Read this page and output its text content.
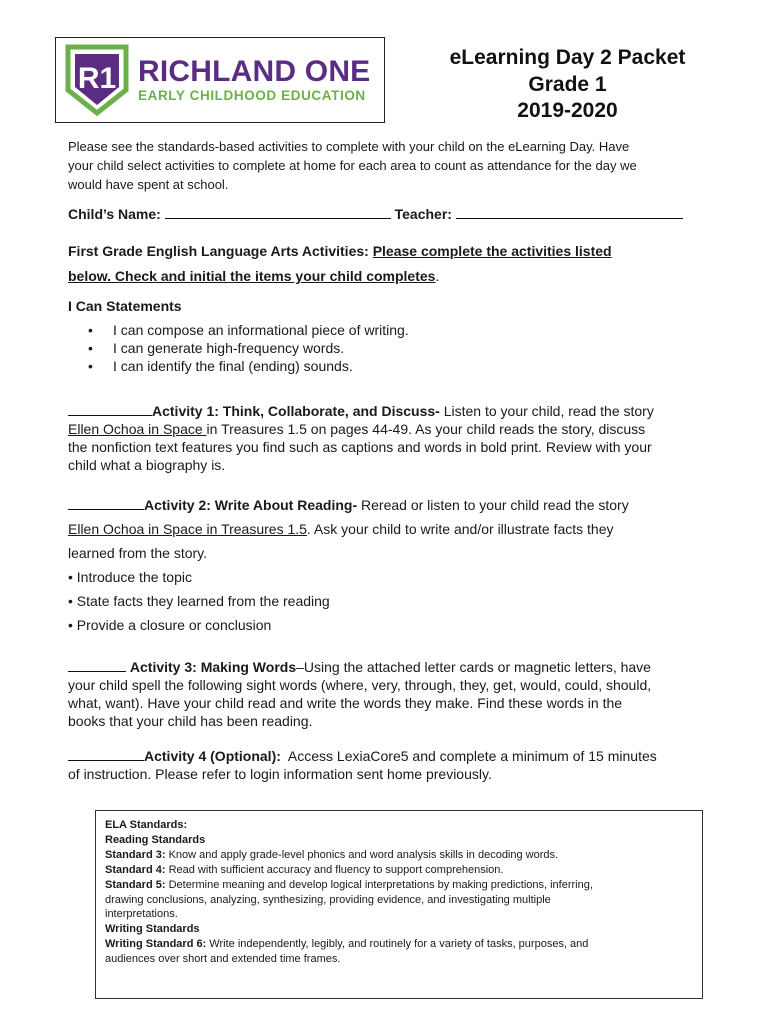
R1 RICHLAND ONE
EARLY CHILDHOOD EDUCATION
eLearning Day 2 Packet
Grade 1
2019-2020
Please see the standards-based activities to complete with your child on the eLearning Day. Have
your child select activities to complete at home for each area to count as attendance for the day we
would have spent at school.
Child’s Name:	Teacher:
First Grade English Language Arts Activities: Please complete the activities listed
below. Check and initial the items your child completes.
I Can Statements
• I can compose an informational piece of writing.
• I can generate high-frequency words.
• I can identify the final (ending) sounds.
Activity 1: Think, Collaborate, and Discuss- Listen to your child, read the story
Ellen Ochoa in Space in Treasures 1.5 on pages 44-49. As your child reads the story, discuss
the nonfiction text features you find such as captions and words in bold print. Review with your
child what a biography is.
Activity 2: Write About Reading- Reread or listen to your child read the story
Ellen Ochoa in Space in Treasures 1.5. Ask your child to write and/or illustrate facts they
learned from the story.
• Introduce the topic
• State facts they learned from the reading
• Provide a closure or conclusion
Activity 3: Making Words–Using the attached letter cards or magnetic letters, have
your child spell the following sight words (where, very, through, they, get, would, could, should,
what, want). Have your child read and write the words they make. Find these words in the
books that your child has been reading.
Activity 4 (Optional):  Access LexiaCore5 and complete a minimum of 15 minutes
of instruction. Please refer to login information sent home previously.
ELA Standards:
Reading Standards
Standard 3: Know and apply grade-level phonics and word analysis skills in decoding words.
Standard 4: Read with sufficient accuracy and fluency to support comprehension.
Standard 5: Determine meaning and develop logical interpretations by making predictions, inferring,
drawing conclusions, analyzing, synthesizing, providing evidence, and investigating multiple
interpretations.
Writing Standards
Writing Standard 6: Write independently, legibly, and routinely for a variety of tasks, purposes, and
audiences over short and extended time frames.
